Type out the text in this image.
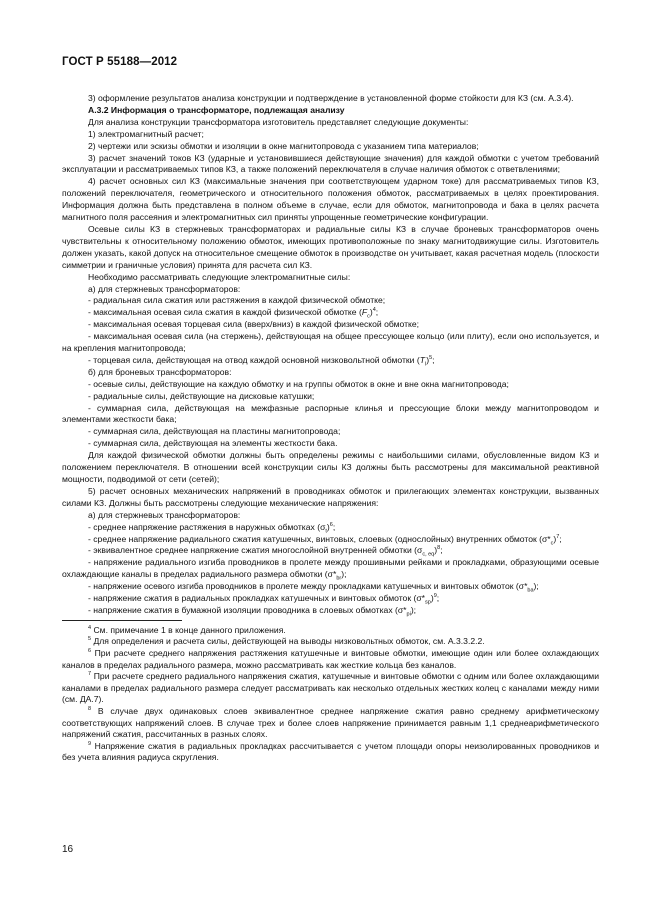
ГОСТ Р 55188—2012

3) оформление результатов анализа конструкции и подтверждение в установленной форме стойкости для КЗ (см. А.3.4).

А.3.2 Информация о трансформаторе, подлежащая анализу

Для анализа конструкции трансформатора изготовитель представляет следующие документы:

1) электромагнитный расчет;

2) чертежи или эскизы обмотки и изоляции в окне магнитопровода с указанием типа материалов;

3) расчет значений токов КЗ (ударные и установившиеся действующие значения) для каждой обмотки с учетом требований эксплуатации и рассматриваемых типов КЗ, а также положений переключателя в случае наличия обмоток с ответвлениями;

4) расчет основных сил КЗ (максимальные значения при соответствующем ударном токе) для рассматриваемых типов КЗ, положений переключателя, геометрического и относительного положения обмоток, рассматриваемых в целях проектирования. Информация должна быть представлена в полном объеме в случае, если для обмоток, магнитопровода и бака в целях расчета магнитного поля рассеяния и электромагнитных сил приняты упрощенные геометрические конфигурации.

Осевые силы КЗ в стержневых трансформаторах и радиальные силы КЗ в случае броневых трансформаторов очень чувствительны к относительному положению обмоток, имеющих противоположные по знаку магнитодвижущие силы. Изготовитель должен указать, какой допуск на относительное смещение обмоток в производстве он учитывает, какая расчетная модель (плоскости симметрии и граничные условия) принята для расчета сил КЗ.

Необходимо рассматривать следующие электромагнитные силы:

а) для стержневых трансформаторов:

- радиальная сила сжатия или растяжения в каждой физической обмотке;

- максимальная осевая сила сжатия в каждой физической обмотке $(F_c)^4$;

- максимальная осевая торцевая сила (вверх/вниз) в каждой физической обмотке;

- максимальная осевая сила (на стержень), действующая на общее прессующее кольцо (или плиту), если оно используется, и на крепления магнитопровода;

- торцевая сила, действующая на отвод каждой основной низковольтной обмотки $(T_l)^5$;

б) для броневых трансформаторов:

- осевые силы, действующие на каждую обмотку и на группы обмоток в окне и вне окна магнитопровода;

- радиальные силы, действующие на дисковые катушки;

- суммарная сила, действующая на межфазные распорные клинья и прессующие блоки между магнитопроводом и элементами жесткости бака;

- суммарная сила, действующая на пластины магнитопровода;

- суммарная сила, действующая на элементы жесткости бака.

Для каждой физической обмотки должны быть определены режимы с наибольшими силами, обусловленные видом КЗ и положением переключателя. В отношении всей конструкции силы КЗ должны быть рассмотрены для максимальной реактивной мощности, подводимой от сети (сетей);

5) расчет основных механических напряжений в проводниках обмоток и прилегающих элементах конструкции, вызванных силами КЗ. Должны быть рассмотрены следующие механические напряжения:

а) для стержневых трансформаторов:

- среднее напряжение растяжения в наружных обмотках $(\sigma_t)^6$;

- среднее напряжение радиального сжатия катушечных, винтовых, слоевых (однослойных) внутренних обмоток $(\sigma*_c)^7$;

- эквивалентное среднее напряжение сжатия многослойной внутренней обмотки $(\sigma_{c, eq})^8$;

- напряжение радиального изгиба проводников в пролете между прошивными рейками и прокладками, образующими осевые охлаждающие каналы в пределах радиального размера обмотки $(\sigma*_{br})$;

- напряжение осевого изгиба проводников в пролете между прокладками катушечных и винтовых обмоток $(\sigma*_{ba})$;

- напряжение сжатия в радиальных прокладках катушечных и винтовых обмоток $(\sigma*_{sp})^9$;

- напряжение сжатия в бумажной изоляции проводника в слоевых обмотках $(\sigma*_{pi})$;

$^4$ См. примечание 1 в конце данного приложения.

$^5$ Для определения и расчета силы, действующей на выводы низковольтных обмоток, см. А.3.3.2.2.

$^6$ При расчете среднего напряжения растяжения катушечные и винтовые обмотки, имеющие один или более охлаждающих каналов в пределах радиального размера, можно рассматривать как жесткие кольца без каналов.

$^7$ При расчете среднего радиального напряжения сжатия, катушечные и винтовые обмотки с одним или более охлаждающими каналами в пределах радиального размера следует рассматривать как несколько отдельных жестких колец с каналами между ними (см. ДА.7).

$^8$ В случае двух одинаковых слоев эквивалентное среднее напряжение сжатия равно среднему арифметическому соответствующих напряжений слоев. В случае трех и более слоев напряжение принимается равным 1,1 среднеарифметического напряжений сжатия, рассчитанных в разных слоях.

$^9$ Напряжение сжатия в радиальных прокладках рассчитывается с учетом площади опоры неизолированных проводников и без учета влияния радиуса скругления.

16
